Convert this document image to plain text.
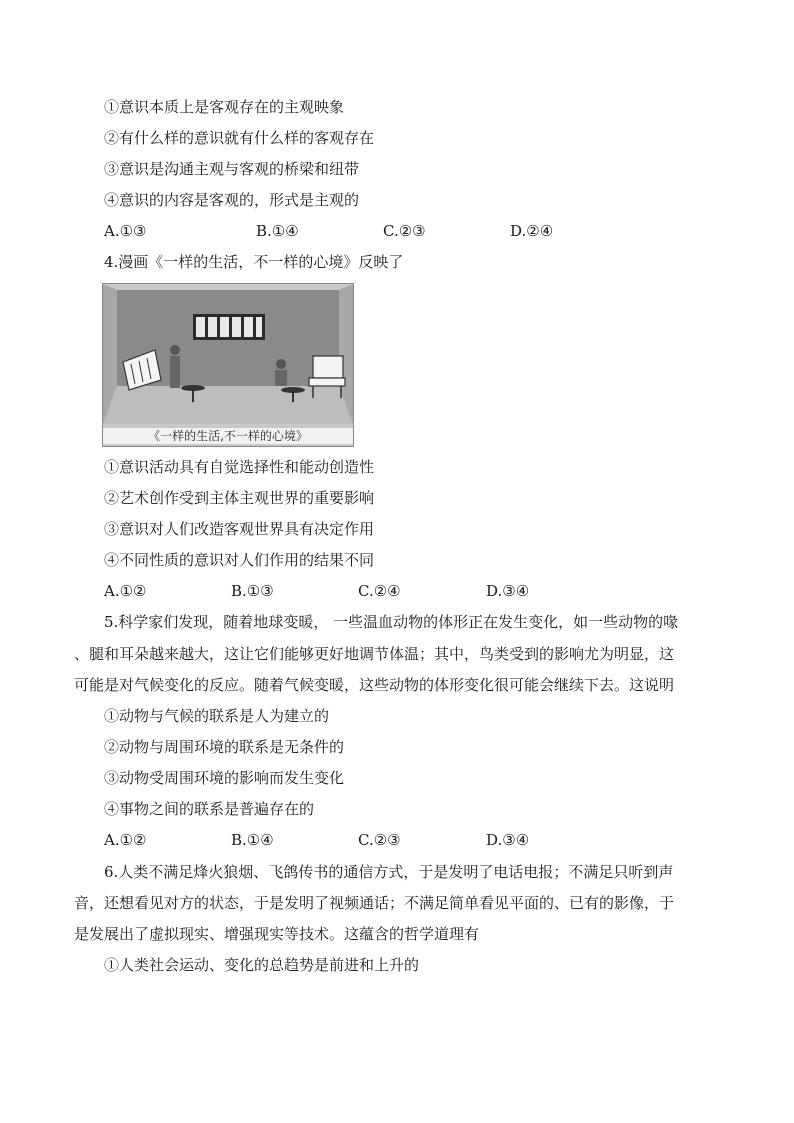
①意识本质上是客观存在的主观映象
②有什么样的意识就有什么样的客观存在
③意识是沟通主观与客观的桥梁和纽带
④意识的内容是客观的，形式是主观的
A.①③	B.①④	C.②③	D.②④
4.漫画《一样的生活，不一样的心境》反映了
《一样的生活,不一样的心境》
①意识活动具有自觉选择性和能动创造性
②艺术创作受到主体主观世界的重要影响
③意识对人们改造客观世界具有决定作用
④不同性质的意识对人们作用的结果不同
A.①②	B.①③	C.②④	D.③④
5.科学家们发现，随着地球变暖， 一些温血动物的体形正在发生变化，如一些动物的喙
、腿和耳朵越来越大，这让它们能够更好地调节体温；其中，鸟类受到的影响尤为明显，这
可能是对气候变化的反应。随着气候变暖，这些动物的体形变化很可能会继续下去。这说明
①动物与气候的联系是人为建立的
②动物与周围环境的联系是无条件的
③动物受周围环境的影响而发生变化
④事物之间的联系是普遍存在的
A.①②	B.①④	C.②③	D.③④
6.人类不满足烽火狼烟、飞鸽传书的通信方式，于是发明了电话电报；不满足只听到声
音，还想看见对方的状态，于是发明了视频通话；不满足简单看见平面的、已有的影像，于
是发展出了虚拟现实、增强现实等技术。这蕴含的哲学道理有
①人类社会运动、变化的总趋势是前进和上升的
